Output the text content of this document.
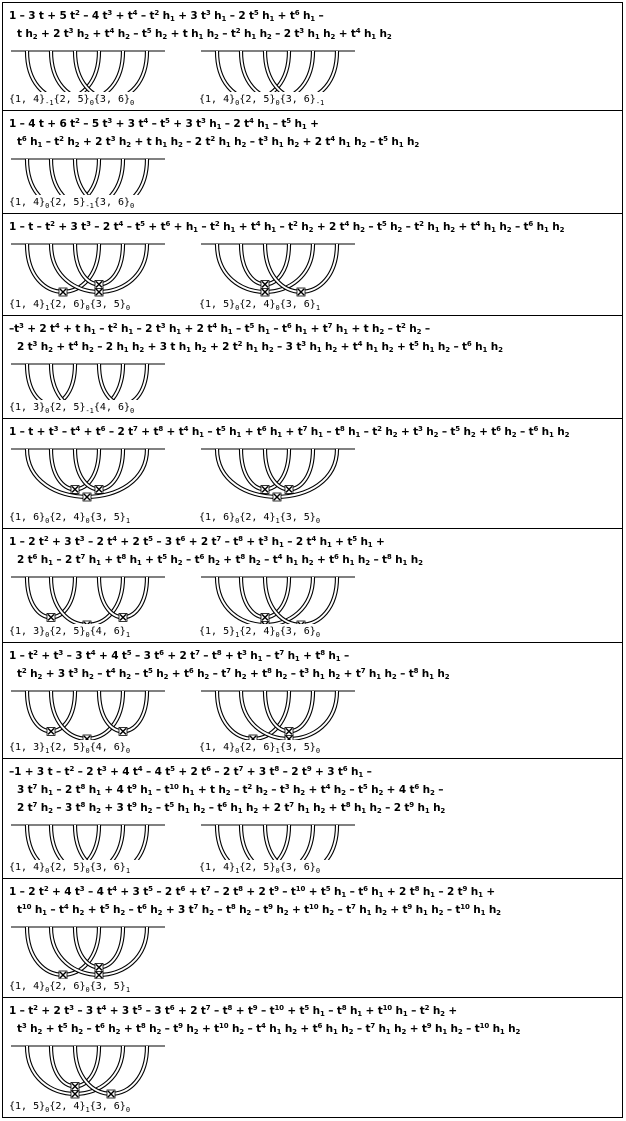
1 – 3 t + 5 $t^2 - 4$ $t^3 + t^4 - t^2$ $h_1 + 3$ $t^3$ $h_1 - 2$ $t^5$ $h_1 + t^6$ $h_1$ –
t $h_2 + 2$ $t^3$ $h_2 + t^4$ $h_2 - t^5$ $h_2 + t$ $h_1$ $h_2 - t^2$ $h_1$ $h_2 - 2$ $t^3$ $h_1$ $h_2 + t^4$ $h_1$ $h_2$
{1, $4\}_{-1}\{2$, $5\}_0\{3$, $6\}_0$	{1, $4\}_0\{2$, $5\}_0\{3$, $6\}_{-1}$
1 – 4 t + 6 $t^2 - 5$ $t^3 + 3$ $t^4 - t^5 + 3$ $t^3$ $h_1 - 2$ $t^4$ $h_1 - t^5$ $h_1$ +
$t^6$ $h_1 - t^2$ $h_2 + 2$ $t^3$ $h_2 + t$ $h_1$ $h_2 - 2$ $t^2$ $h_1$ $h_2 - t^3$ $h_1$ $h_2 + 2$ $t^4$ $h_1$ $h_2 - t^5$ $h_1$ $h_2$
{1, $4\}_0\{2$, $5\}_{-1}\{3$, $6\}_0$
$1 - t - t^2 + 3$ $t^3 - 2$ $t^4 - t^5 + t^6 + h_1 - t^2$ $h_1 + t^4$ $h_1 - t^2$ $h_2 + 2$ $t^4$ $h_2 - t^5$ $h_2 - t^2$ $h_1$ $h_2 + t^4$ $h_1$ $h_2 - t^6$ $h_1$ $h_2$
{1, $4\}_1\{2$, $6\}_0\{3$, $5\}_0$	{1, $5\}_0\{2$, $4\}_0\{3$, $6\}_1$
$-t^3 + 2$ $t^4 + t$ $h_1 - t^2$ $h_1 - 2$ $t^3$ $h_1 + 2$ $t^4$ $h_1 - t^5$ $h_1 - t^6$ $h_1 + t^7$ $h_1 + t$ $h_2 - t^2$ $h_2$ –
2 $t^3$ $h_2 + t^4$ $h_2 - 2$ $h_1$ $h_2 + 3$ t $h_1$ $h_2 + 2$ $t^2$ $h_1$ $h_2 - 3$ $t^3$ $h_1$ $h_2 + t^4$ $h_1$ $h_2 + t^5$ $h_1$ $h_2 - t^6$ $h_1$ $h_2$
{1, $3\}_0\{2$, $5\}_{-1}\{4$, $6\}_0$
$1 - t + t^3 - t^4 + t^6 - 2$ $t^7 + t^8 + t^4$ $h_1 - t^5$ $h_1 + t^6$ $h_1 + t^7$ $h_1 - t^8$ $h_1 - t^2$ $h_2 + t^3$ $h_2 - t^5$ $h_2 + t^6$ $h_2 - t^6$ $h_1$ $h_2$
{1, $6\}_0\{2$, $4\}_0\{3$, $5\}_1$	{1, $6\}_0\{2$, $4\}_1\{3$, $5\}_0$
1 – 2 $t^2 + 3$ $t^3 - 2$ $t^4 + 2$ $t^5 - 3$ $t^6 + 2$ $t^7 - t^8 + t^3$ $h_1 - 2$ $t^4$ $h_1 + t^5$ $h_1$ +
2 $t^6$ $h_1 - 2$ $t^7$ $h_1 + t^8$ $h_1 + t^5$ $h_2 - t^6$ $h_2 + t^8$ $h_2 - t^4$ $h_1$ $h_2 + t^6$ $h_1$ $h_2 - t^8$ $h_1$ $h_2$
{1, $3\}_0\{2$, $5\}_0\{4$, $6\}_1$	{1, $5\}_1\{2$, $4\}_0\{3$, $6\}_0$
$1 - t^2 + t^3 - 3$ $t^4 + 4$ $t^5 - 3$ $t^6 + 2$ $t^7 - t^8 + t^3$ $h_1 - t^7$ $h_1 + t^8$ $h_1$ –
$t^2$ $h_2 + 3$ $t^3$ $h_2 - t^4$ $h_2 - t^5$ $h_2 + t^6$ $h_2 - t^7$ $h_2 + t^8$ $h_2 - t^3$ $h_1$ $h_2 + t^7$ $h_1$ $h_2 - t^8$ $h_1$ $h_2$
{1, $3\}_1\{2$, $5\}_0\{4$, $6\}_0$	{1, $4\}_0\{2$, $6\}_1\{3$, $5\}_0$
–1 + 3 t – $t^2 - 2$ $t^3 + 4$ $t^4 - 4$ $t^5 + 2$ $t^6 - 2$ $t^7 + 3$ $t^8 - 2$ $t^9 + 3$ $t^6$ $h_1$ –
3 $t^7$ $h_1 - 2$ $t^8$ $h_1 + 4$ $t^9$ $h_1 - t^{10}$ $h_1 + t$ $h_2 - t^2$ $h_2 - t^3$ $h_2 + t^4$ $h_2 - t^5$ $h_2 + 4$ $t^6$ $h_2$ –
2 $t^7$ $h_2 - 3$ $t^8$ $h_2 + 3$ $t^9$ $h_2 - t^5$ $h_1$ $h_2 - t^6$ $h_1$ $h_2 + 2$ $t^7$ $h_1$ $h_2 + t^8$ $h_1$ $h_2 - 2$ $t^9$ $h_1$ $h_2$
{1, $4\}_0\{2$, $5\}_0\{3$, $6\}_1$	{1, $4\}_1\{2$, $5\}_0\{3$, $6\}_0$
1 – 2 $t^2 + 4$ $t^3 - 4$ $t^4 + 3$ $t^5 - 2$ $t^6 + t^7 - 2$ $t^8 + 2$ $t^9 - t^{10} + t^5$ $h_1 - t^6$ $h_1 + 2$ $t^8$ $h_1 - 2$ $t^9$ $h_1$ +
$t^{10}$ $h_1 - t^4$ $h_2 + t^5$ $h_2 - t^6$ $h_2 + 3$ $t^7$ $h_2 - t^8$ $h_2 - t^9$ $h_2 + t^{10}$ $h_2 - t^7$ $h_1$ $h_2 + t^9$ $h_1$ $h_2 - t^{10}$ $h_1$ $h_2$
{1, $4\}_0\{2$, $6\}_0\{3$, $5\}_1$
$1 - t^2 + 2$ $t^3 - 3$ $t^4 + 3$ $t^5 - 3$ $t^6 + 2$ $t^7 - t^8 + t^9 - t^{10} + t^5$ $h_1 - t^8$ $h_1 + t^{10}$ $h_1 - t^2$ $h_2$ +
$t^3$ $h_2 + t^5$ $h_2 - t^6$ $h_2 + t^8$ $h_2 - t^9$ $h_2 + t^{10}$ $h_2 - t^4$ $h_1$ $h_2 + t^6$ $h_1$ $h_2 - t^7$ $h_1$ $h_2 + t^9$ $h_1$ $h_2 - t^{10}$ $h_1$ $h_2$
{1, $5\}_0\{2$, $4\}_1\{3$, $6\}_0$
